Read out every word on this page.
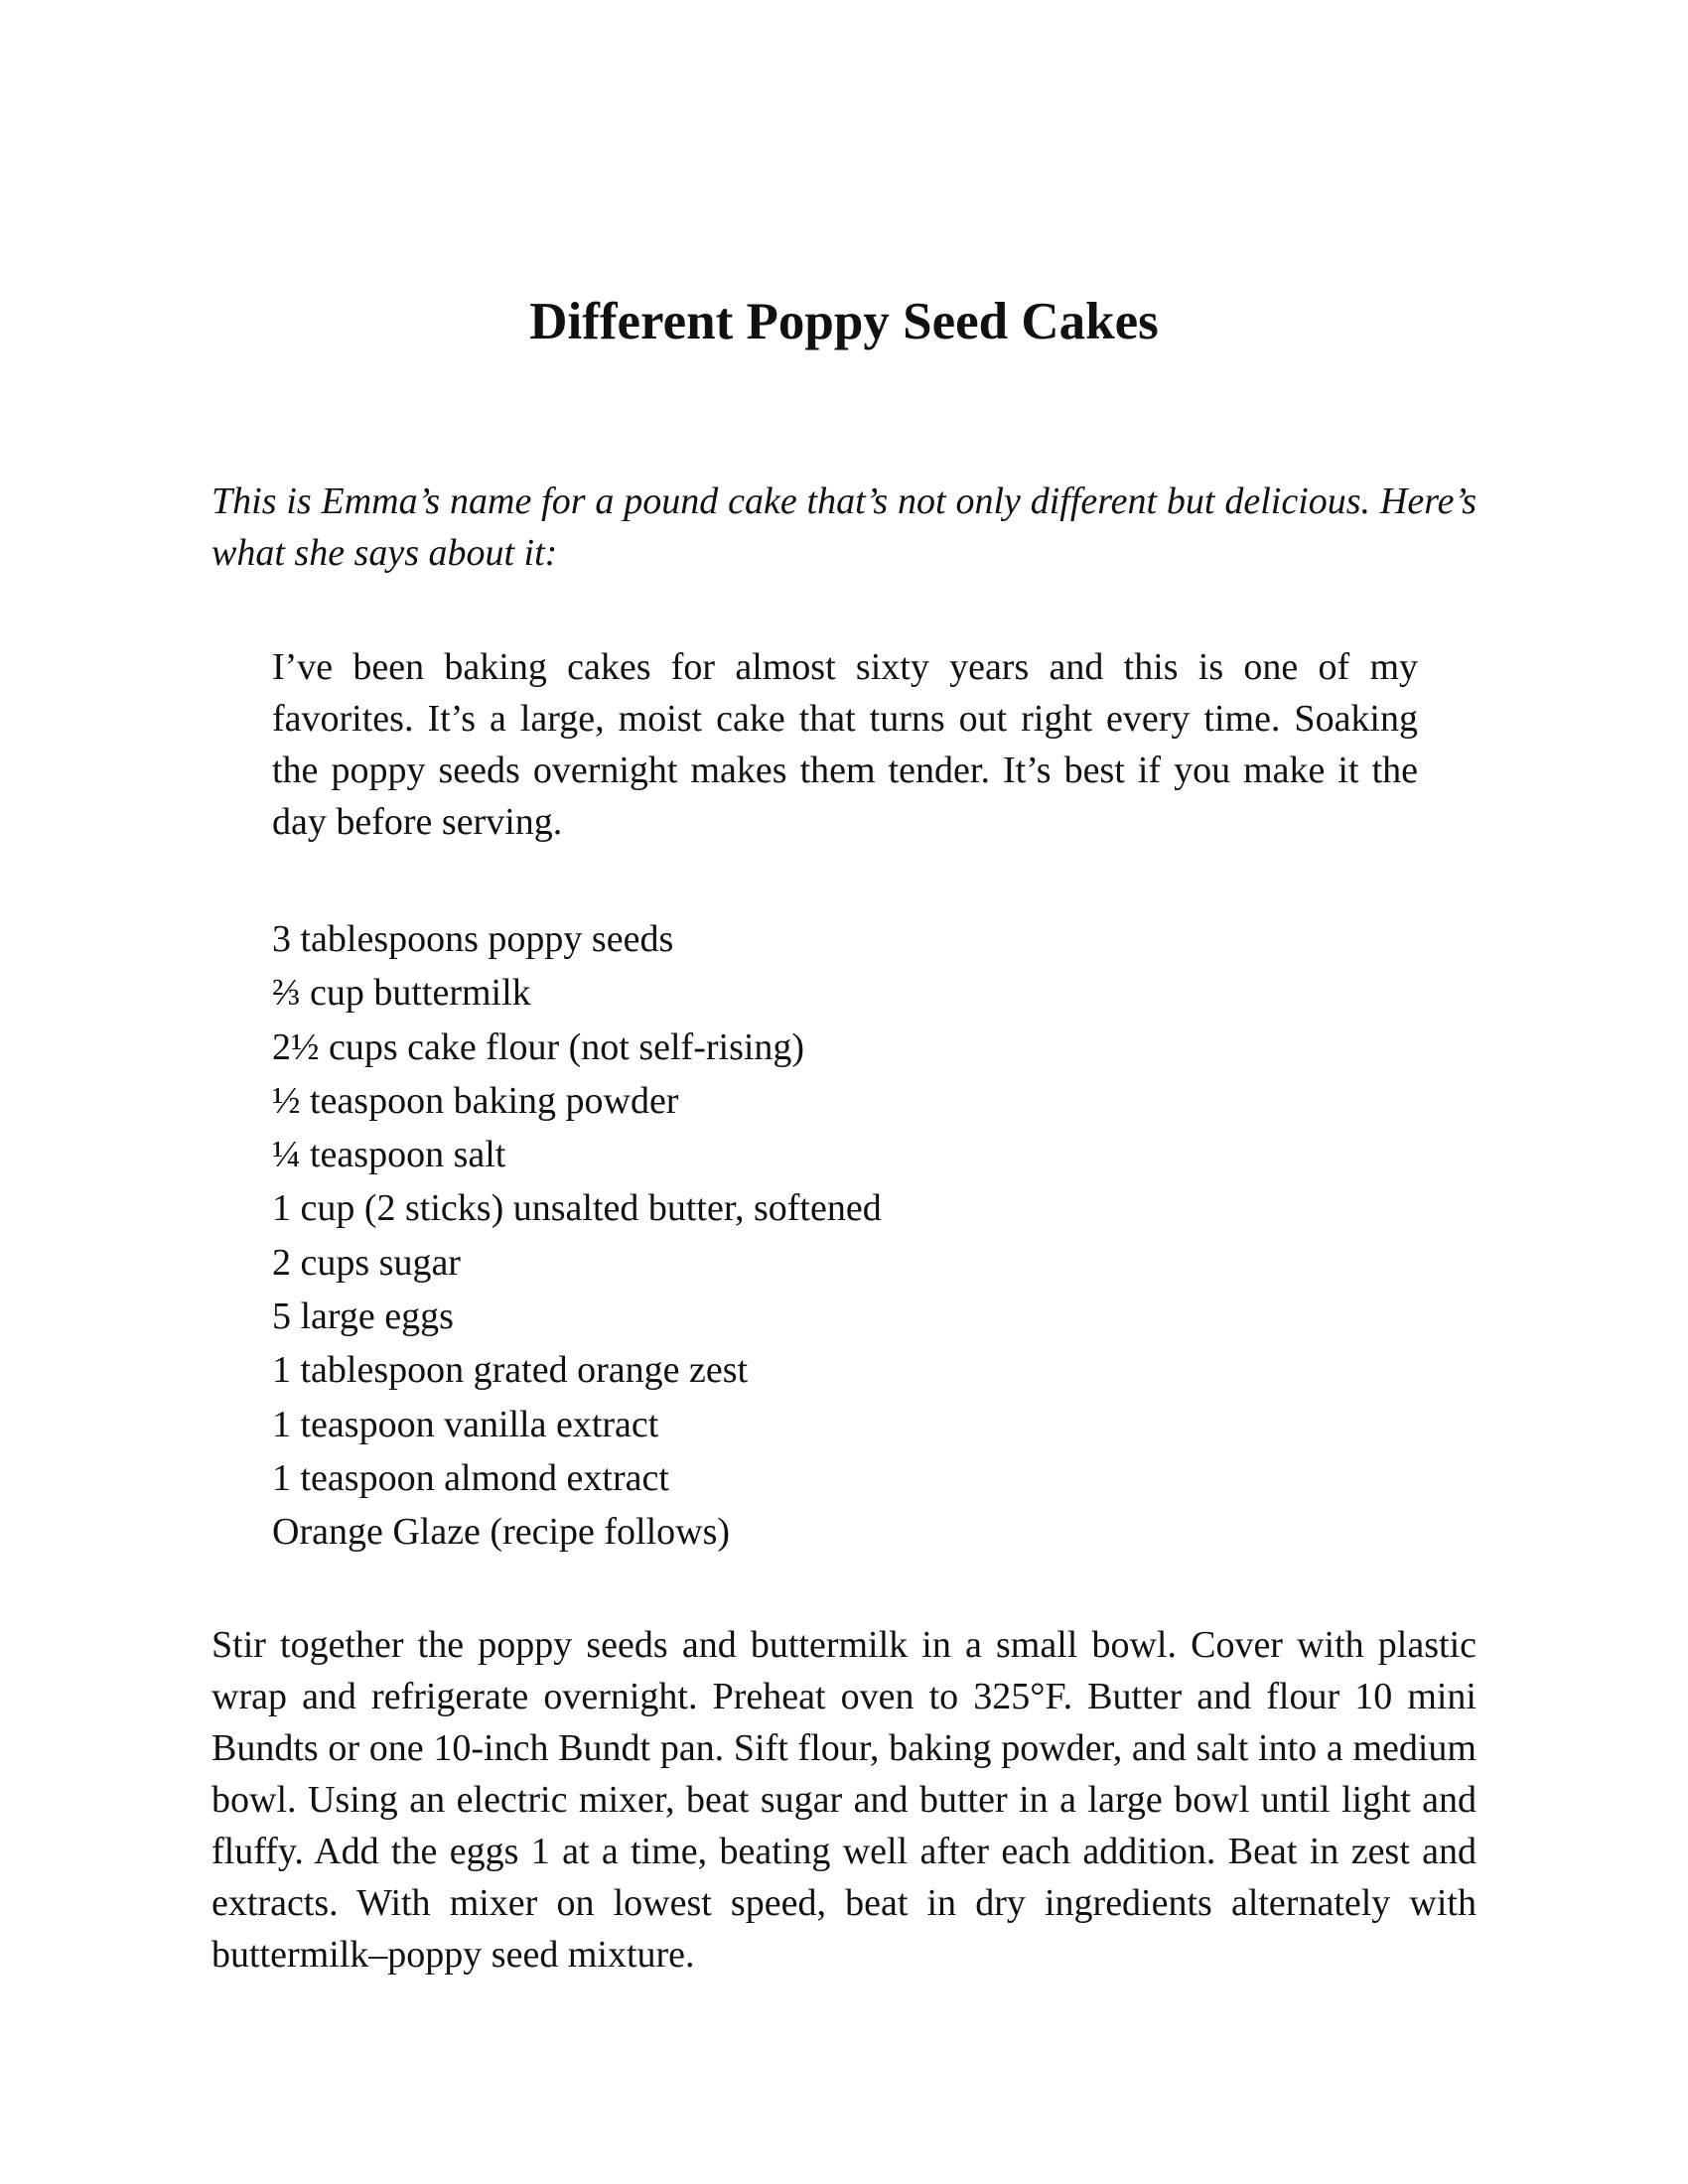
Different Poppy Seed Cakes

This is Emma’s name for a pound cake that’s not only different but delicious. Here’s what she says about it:

I’ve been baking cakes for almost sixty years and this is one of my favorites. It’s a large, moist cake that turns out right every time. Soaking the poppy seeds overnight makes them tender. It’s best if you make it the day before serving.

3 tablespoons poppy seeds
⅔ cup buttermilk
2½ cups cake flour (not self-rising)
½ teaspoon baking powder
¼ teaspoon salt
1 cup (2 sticks) unsalted butter, softened
2 cups sugar
5 large eggs
1 tablespoon grated orange zest
1 teaspoon vanilla extract
1 teaspoon almond extract
Orange Glaze (recipe follows)

Stir together the poppy seeds and buttermilk in a small bowl. Cover with plastic wrap and refrigerate overnight. Preheat oven to 325°F. Butter and flour 10 mini Bundts or one 10-inch Bundt pan. Sift flour, baking powder, and salt into a medium bowl. Using an electric mixer, beat sugar and butter in a large bowl until light and fluffy. Add the eggs 1 at a time, beating well after each addition. Beat in zest and extracts. With mixer on lowest speed, beat in dry ingredients alternately with buttermilk–poppy seed mixture.
